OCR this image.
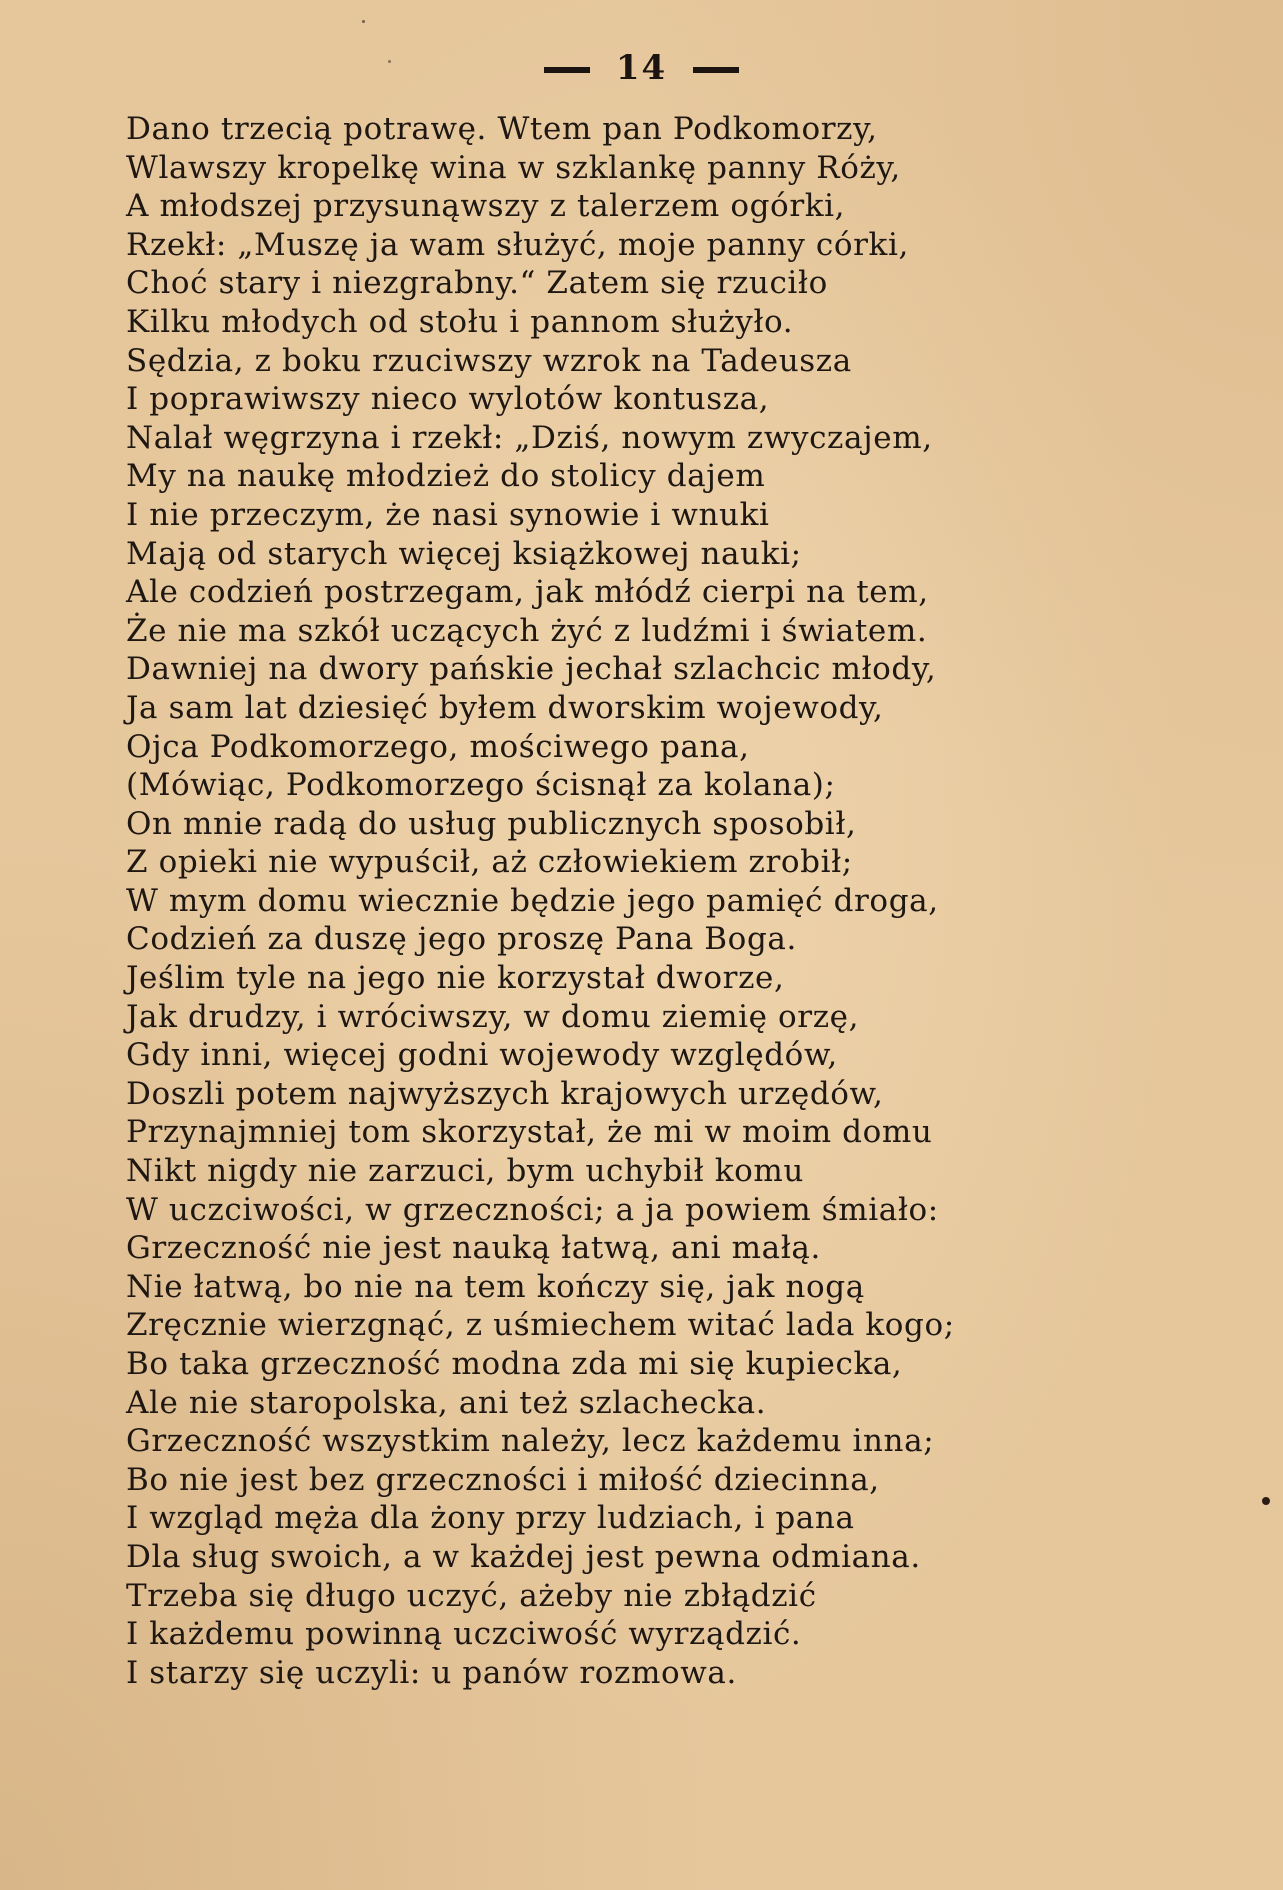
14
Dano trzecią potrawę. Wtem pan Podkomorzy,
Wlawszy kropelkę wina w szklankę panny Róży,
A młodszej przysunąwszy z talerzem ogórki,
Rzekł: „Muszę ja wam służyć, moje panny córki,
Choć stary i niezgrabny.“ Zatem się rzuciło
Kilku młodych od stołu i pannom służyło.
Sędzia, z boku rzuciwszy wzrok na Tadeusza
I poprawiwszy nieco wylotów kontusza,
Nalał węgrzyna i rzekł: „Dziś, nowym zwyczajem,
My na naukę młodzież do stolicy dajem
I nie przeczym, że nasi synowie i wnuki
Mają od starych więcej książkowej nauki;
Ale codzień postrzegam, jak młódź cierpi na tem,
Że nie ma szkół uczących żyć z ludźmi i światem.
Dawniej na dwory pańskie jechał szlachcic młody,
Ja sam lat dziesięć byłem dworskim wojewody,
Ojca Podkomorzego, mościwego pana,
(Mówiąc, Podkomorzego ścisnął za kolana);
On mnie radą do usług publicznych sposobił,
Z opieki nie wypuścił, aż człowiekiem zrobił;
W mym domu wiecznie będzie jego pamięć droga,
Codzień za duszę jego proszę Pana Boga.
Jeślim tyle na jego nie korzystał dworze,
Jak drudzy, i wróciwszy, w domu ziemię orzę,
Gdy inni, więcej godni wojewody względów,
Doszli potem najwyższych krajowych urzędów,
Przynajmniej tom skorzystał, że mi w moim domu
Nikt nigdy nie zarzuci, bym uchybił komu
W uczciwości, w grzeczności; a ja powiem śmiało:
Grzeczność nie jest nauką łatwą, ani małą.
Nie łatwą, bo nie na tem kończy się, jak nogą
Zręcznie wierzgnąć, z uśmiechem witać lada kogo;
Bo taka grzeczność modna zda mi się kupiecka,
Ale nie staropolska, ani też szlachecka.
Grzeczność wszystkim należy, lecz każdemu inna;
Bo nie jest bez grzeczności i miłość dziecinna,
I wzgląd męża dla żony przy ludziach, i pana
Dla sług swoich, a w każdej jest pewna odmiana.
Trzeba się długo uczyć, ażeby nie zbłądzić
I każdemu powinną uczciwość wyrządzić.
I starzy się uczyli: u panów rozmowa.
